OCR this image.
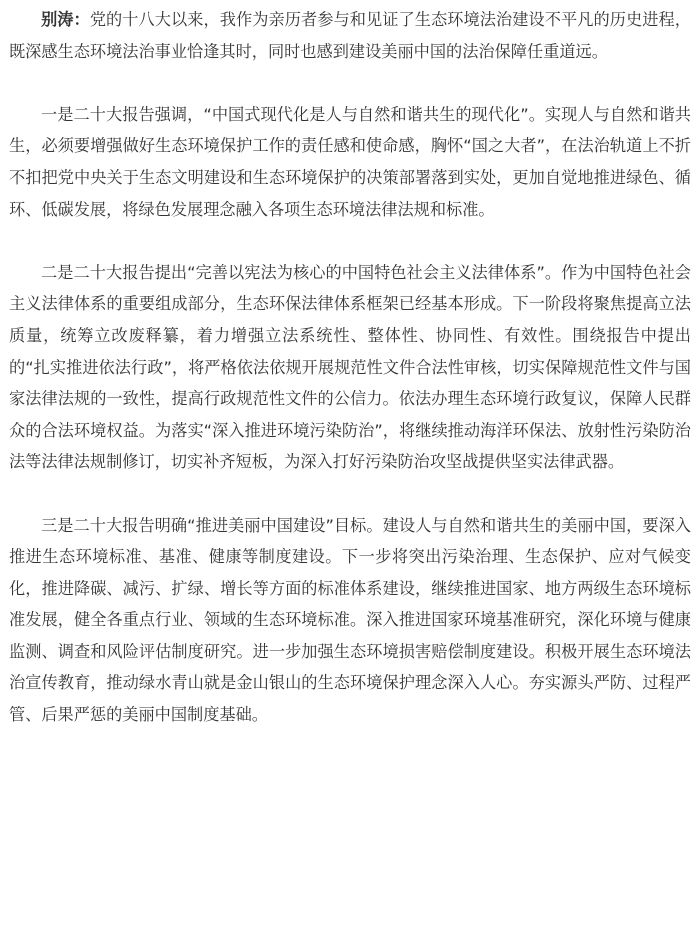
别涛：党的十八大以来，我作为亲历者参与和见证了生态环境法治建设不平凡的历史进程，既深感生态环境法治事业恰逢其时，同时也感到建设美丽中国的法治保障任重道远。

一是二十大报告强调，“中国式现代化是人与自然和谐共生的现代化”。实现人与自然和谐共生，必须要增强做好生态环境保护工作的责任感和使命感，胸怀“国之大者”，在法治轨道上不折不扣把党中央关于生态文明建设和生态环境保护的决策部署落到实处，更加自觉地推进绿色、循环、低碳发展，将绿色发展理念融入各项生态环境法律法规和标准。

二是二十大报告提出“完善以宪法为核心的中国特色社会主义法律体系”。作为中国特色社会主义法律体系的重要组成部分，生态环保法律体系框架已经基本形成。下一阶段将聚焦提高立法质量，统筹立改废释纂，着力增强立法系统性、整体性、协同性、有效性。围绕报告中提出的“扎实推进依法行政”，将严格依法依规开展规范性文件合法性审核，切实保障规范性文件与国家法律法规的一致性，提高行政规范性文件的公信力。依法办理生态环境行政复议，保障人民群众的合法环境权益。为落实“深入推进环境污染防治”，将继续推动海洋环保法、放射性污染防治法等法律法规制修订，切实补齐短板，为深入打好污染防治攻坚战提供坚实法律武器。

三是二十大报告明确“推进美丽中国建设”目标。建设人与自然和谐共生的美丽中国，要深入推进生态环境标准、基准、健康等制度建设。下一步将突出污染治理、生态保护、应对气候变化，推进降碳、减污、扩绿、增长等方面的标准体系建设，继续推进国家、地方两级生态环境标准发展，健全各重点行业、领域的生态环境标准。深入推进国家环境基准研究，深化环境与健康监测、调查和风险评估制度研究。进一步加强生态环境损害赔偿制度建设。积极开展生态环境法治宣传教育，推动绿水青山就是金山银山的生态环境保护理念深入人心。夯实源头严防、过程严管、后果严惩的美丽中国制度基础。
